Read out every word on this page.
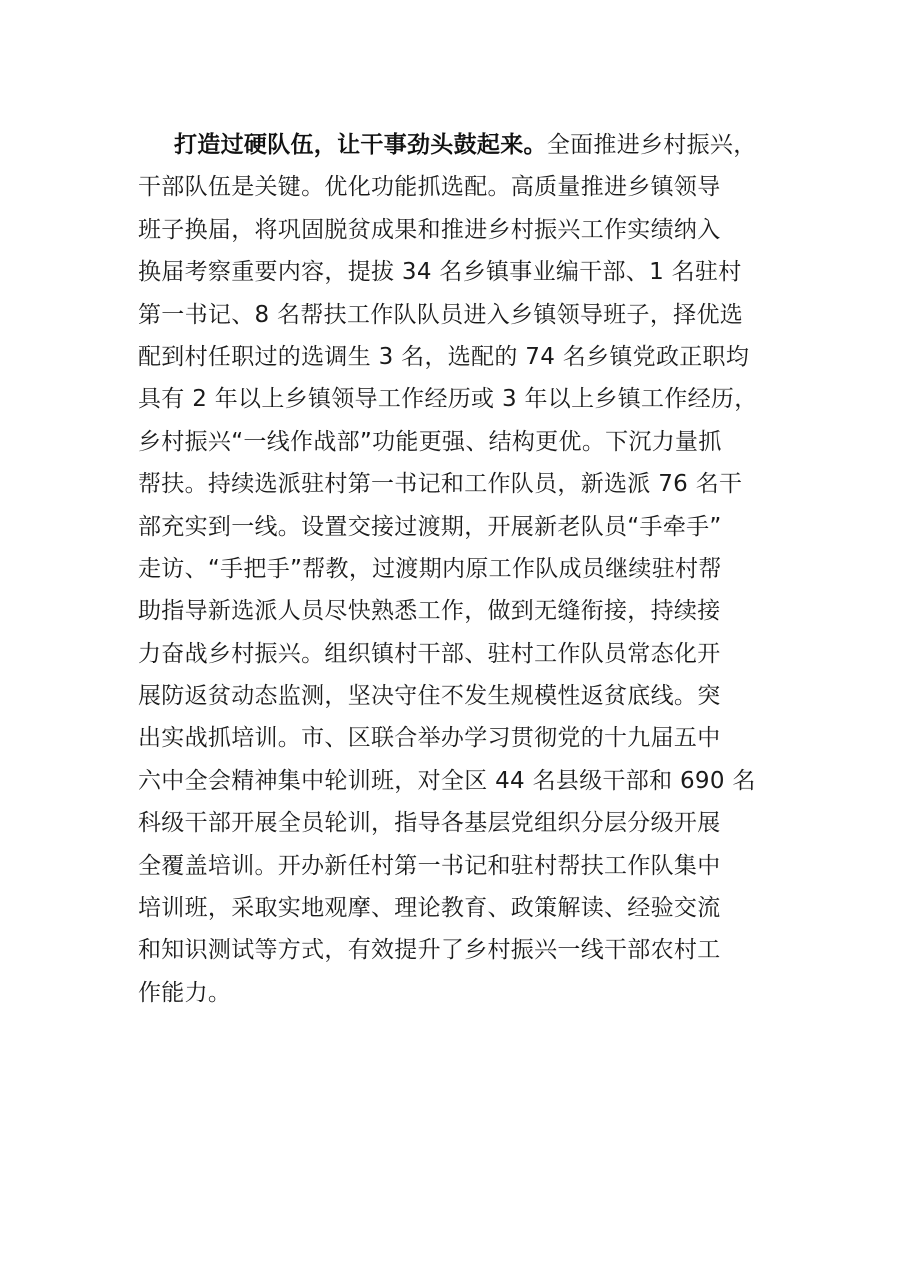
打造过硬队伍，让干事劲头鼓起来。全面推进乡村振兴，
干部队伍是关键。优化功能抓选配。高质量推进乡镇领导
班子换届，将巩固脱贫成果和推进乡村振兴工作实绩纳入
换届考察重要内容，提拔 34 名乡镇事业编干部、1 名驻村
第一书记、8 名帮扶工作队队员进入乡镇领导班子，择优选
配到村任职过的选调生 3 名，选配的 74 名乡镇党政正职均
具有 2 年以上乡镇领导工作经历或 3 年以上乡镇工作经历，
乡村振兴“一线作战部”功能更强、结构更优。下沉力量抓
帮扶。持续选派驻村第一书记和工作队员，新选派 76 名干
部充实到一线。设置交接过渡期，开展新老队员“手牵手”
走访、“手把手”帮教，过渡期内原工作队成员继续驻村帮
助指导新选派人员尽快熟悉工作，做到无缝衔接，持续接
力奋战乡村振兴。组织镇村干部、驻村工作队员常态化开
展防返贫动态监测，坚决守住不发生规模性返贫底线。突
出实战抓培训。市、区联合举办学习贯彻党的十九届五中
六中全会精神集中轮训班，对全区 44 名县级干部和 690 名
科级干部开展全员轮训，指导各基层党组织分层分级开展
全覆盖培训。开办新任村第一书记和驻村帮扶工作队集中
培训班，采取实地观摩、理论教育、政策解读、经验交流
和知识测试等方式，有效提升了乡村振兴一线干部农村工
作能力。
